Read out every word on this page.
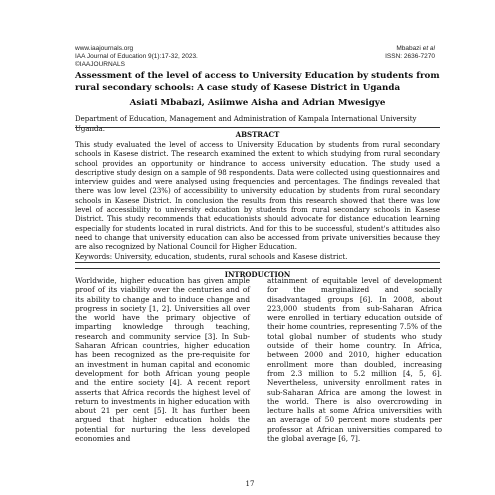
www.iaajournals.org
IAA Journal of Education 9(1):17-32, 2023.
©IAAJOURNALS
Mbabazi et al
ISSN: 2636-7270
Assessment of the level of access to University Education by students from rural secondary schools: A case study of Kasese District in Uganda
Asiati Mbabazi, Asiimwe Aisha and Adrian Mwesigye
Department of Education, Management and Administration of Kampala International University Uganda.
ABSTRACT
This study evaluated the level of access to University Education by students from rural secondary schools in Kasese district. The research examined the extent to which studying from rural secondary school provides an opportunity or hindrance to access university education. The study used a descriptive study design on a sample of 98 respondents. Data were collected using questionnaires and interview guides and were analysed using frequencies and percentages. The findings revealed that there was low level (23%) of accessibility to university education by students from rural secondary schools in Kasese District. In conclusion the results from this research showed that there was low level of accessibility to university education by students from rural secondary schools in Kasese District. This study recommends that educationists should advocate for distance education learning especially for students located in rural districts. And for this to be successful, student's attitudes also need to change that university education can also be accessed from private universities because they are also recognized by National Council for Higher Education.
Keywords: University, education, students, rural schools and Kasese district.
INTRODUCTION
Worldwide, higher education has given ample proof of its viability over the centuries and of its ability to change and to induce change and progress in society [1, 2]. Universities all over the world have the primary objective of imparting knowledge through teaching, research and community service [3]. In Sub-Saharan African countries, higher education has been recognized as the pre-requisite for an investment in human capital and economic development for both African young people and the entire society [4]. A recent report asserts that Africa records the highest level of return to investments in higher education with about 21 per cent [5]. It has further been argued that higher education holds the potential for nurturing the less developed economies and
attainment of equitable level of development for the marginalized and socially disadvantaged groups [6]. In 2008, about 223,000 students from sub-Saharan Africa were enrolled in tertiary education outside of their home countries, representing 7.5% of the total global number of students who study outside of their home country. In Africa, between 2000 and 2010, higher education enrollment more than doubled, increasing from 2.3 million to 5.2 million [4, 5, 6]. Nevertheless, university enrollment rates in sub-Saharan Africa are among the lowest in the world. There is also overcrowding in lecture halls at some Africa universities with an average of 50 percent more students per professor at African universities compared to the global average [6, 7].
17
